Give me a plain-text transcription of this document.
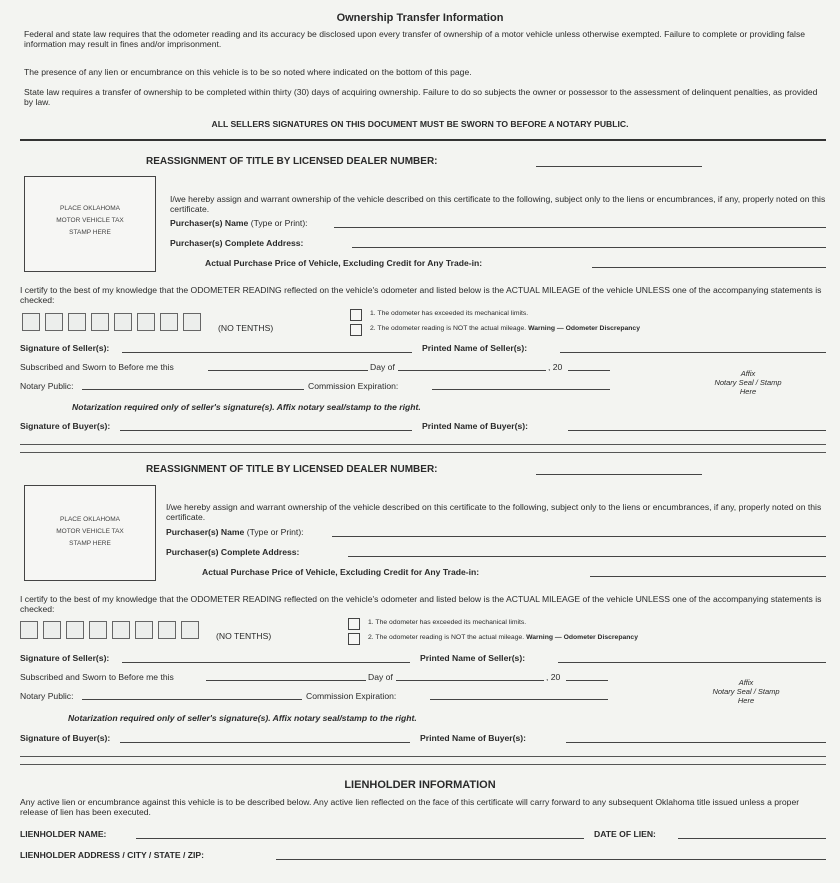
Ownership Transfer Information
Federal and state law requires that the odometer reading and its accuracy be disclosed upon every transfer of ownership of a motor vehicle unless otherwise exempted. Failure to complete or providing false information may result in fines and/or imprisonment.
The presence of any lien or encumbrance on this vehicle is to be so noted where indicated on the bottom of this page.
State law requires a transfer of ownership to be completed within thirty (30) days of acquiring ownership. Failure to do so subjects the owner or possessor to the assessment of delinquent penalties, as provided by law.
ALL SELLERS SIGNATURES ON THIS DOCUMENT MUST BE SWORN TO BEFORE A NOTARY PUBLIC.
REASSIGNMENT OF TITLE BY LICENSED DEALER NUMBER:
PLACE OKLAHOMA
MOTOR VEHICLE TAX
STAMP HERE
I/we hereby assign and warrant ownership of the vehicle described on this certificate to the following, subject only to the liens or encumbrances, if any, properly noted on this certificate.
Purchaser(s) Name (Type or Print):
Purchaser(s) Complete Address:
Actual Purchase Price of Vehicle, Excluding Credit for Any Trade-in:
I certify to the best of my knowledge that the ODOMETER READING reflected on the vehicle's odometer and listed below is the ACTUAL MILEAGE of the vehicle UNLESS one of the accompanying statements is checked:
(NO TENTHS)
1. The odometer has exceeded its mechanical limits.
2. The odometer reading is NOT the actual mileage. Warning — Odometer Discrepancy
Signature of Seller(s):	Printed Name of Seller(s):
Subscribed and Sworn to Before me this	Day of	, 20
Notary Public:	Commission Expiration:
Affix
Notary Seal / Stamp
Here
Notarization required only of seller's signature(s). Affix notary seal/stamp to the right.
Signature of Buyer(s):	Printed Name of Buyer(s):
REASSIGNMENT OF TITLE BY LICENSED DEALER NUMBER:
PLACE OKLAHOMA
MOTOR VEHICLE TAX
STAMP HERE
I/we hereby assign and warrant ownership of the vehicle described on this certificate to the following, subject only to the liens or encumbrances, if any, properly noted on this certificate.
Purchaser(s) Name (Type or Print):
Purchaser(s) Complete Address:
Actual Purchase Price of Vehicle, Excluding Credit for Any Trade-in:
I certify to the best of my knowledge that the ODOMETER READING reflected on the vehicle's odometer and listed below is the ACTUAL MILEAGE of the vehicle UNLESS one of the accompanying statements is checked:
(NO TENTHS)
1. The odometer has exceeded its mechanical limits.
2. The odometer reading is NOT the actual mileage. Warning — Odometer Discrepancy
Signature of Seller(s):	Printed Name of Seller(s):
Subscribed and Sworn to Before me this	Day of	, 20
Notary Public:	Commission Expiration:
Affix
Notary Seal / Stamp
Here
Notarization required only of seller's signature(s). Affix notary seal/stamp to the right.
Signature of Buyer(s):	Printed Name of Buyer(s):
LIENHOLDER INFORMATION
Any active lien or encumbrance against this vehicle is to be described below. Any active lien reflected on the face of this certificate will carry forward to any subsequent Oklahoma title issued unless a proper release of lien has been executed.
LIENHOLDER NAME:	DATE OF LIEN:
LIENHOLDER ADDRESS / CITY / STATE / ZIP:
